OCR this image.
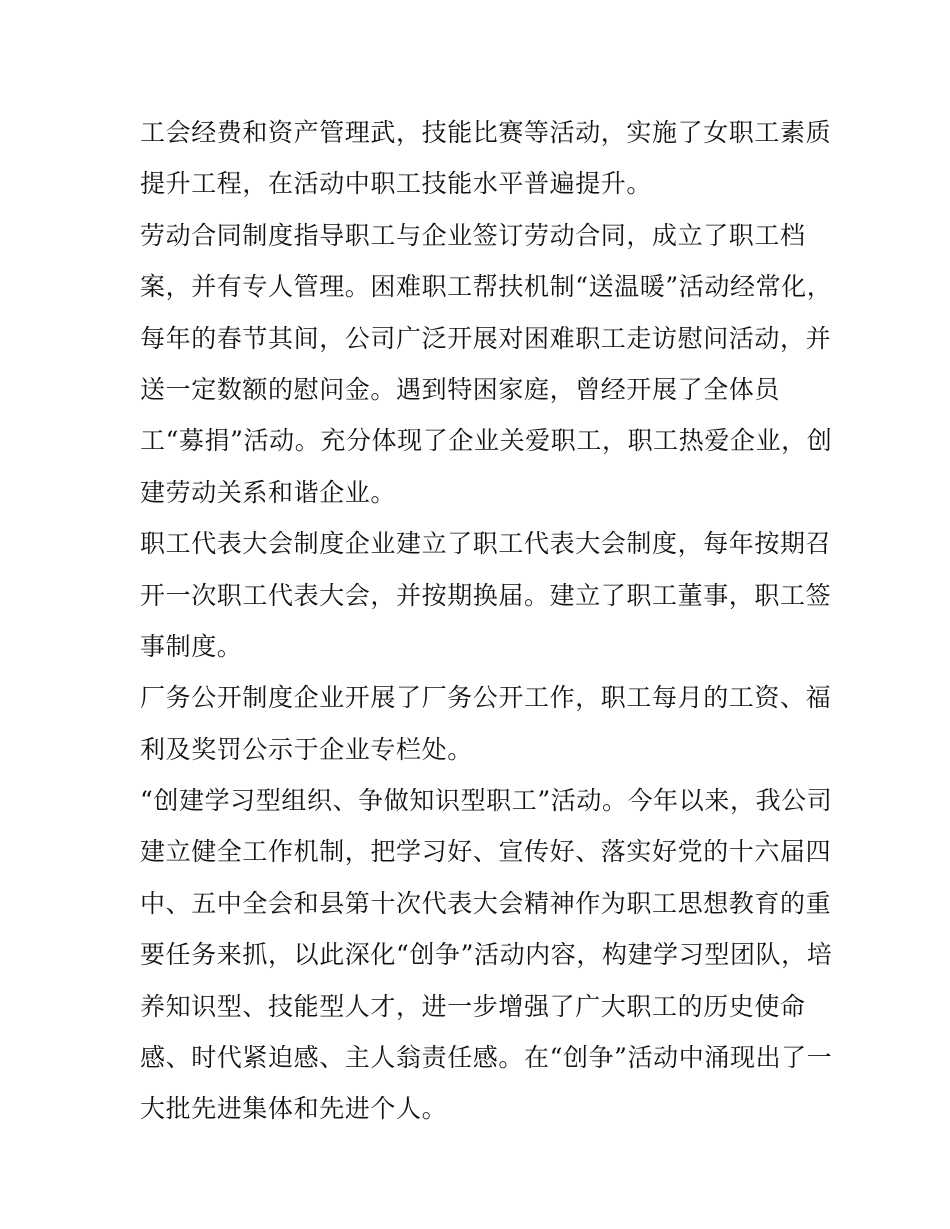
工会经费和资产管理武，技能比赛等活动，实施了女职工素质
提升工程，在活动中职工技能水平普遍提升。
劳动合同制度指导职工与企业签订劳动合同，成立了职工档
案，并有专人管理。困难职工帮扶机制“送温暖”活动经常化，
每年的春节其间，公司广泛开展对困难职工走访慰问活动，并
送一定数额的慰问金。遇到特困家庭，曾经开展了全体员
工“募捐”活动。充分体现了企业关爱职工，职工热爱企业，创
建劳动关系和谐企业。
职工代表大会制度企业建立了职工代表大会制度，每年按期召
开一次职工代表大会，并按期换届。建立了职工董事，职工签
事制度。
厂务公开制度企业开展了厂务公开工作，职工每月的工资、福
利及奖罚公示于企业专栏处。
“创建学习型组织、争做知识型职工”活动。今年以来，我公司
建立健全工作机制，把学习好、宣传好、落实好党的十六届四
中、五中全会和县第十次代表大会精神作为职工思想教育的重
要任务来抓，以此深化“创争”活动内容，构建学习型团队，培
养知识型、技能型人才，进一步增强了广大职工的历史使命
感、时代紧迫感、主人翁责任感。在“创争”活动中涌现出了一
大批先进集体和先进个人。
